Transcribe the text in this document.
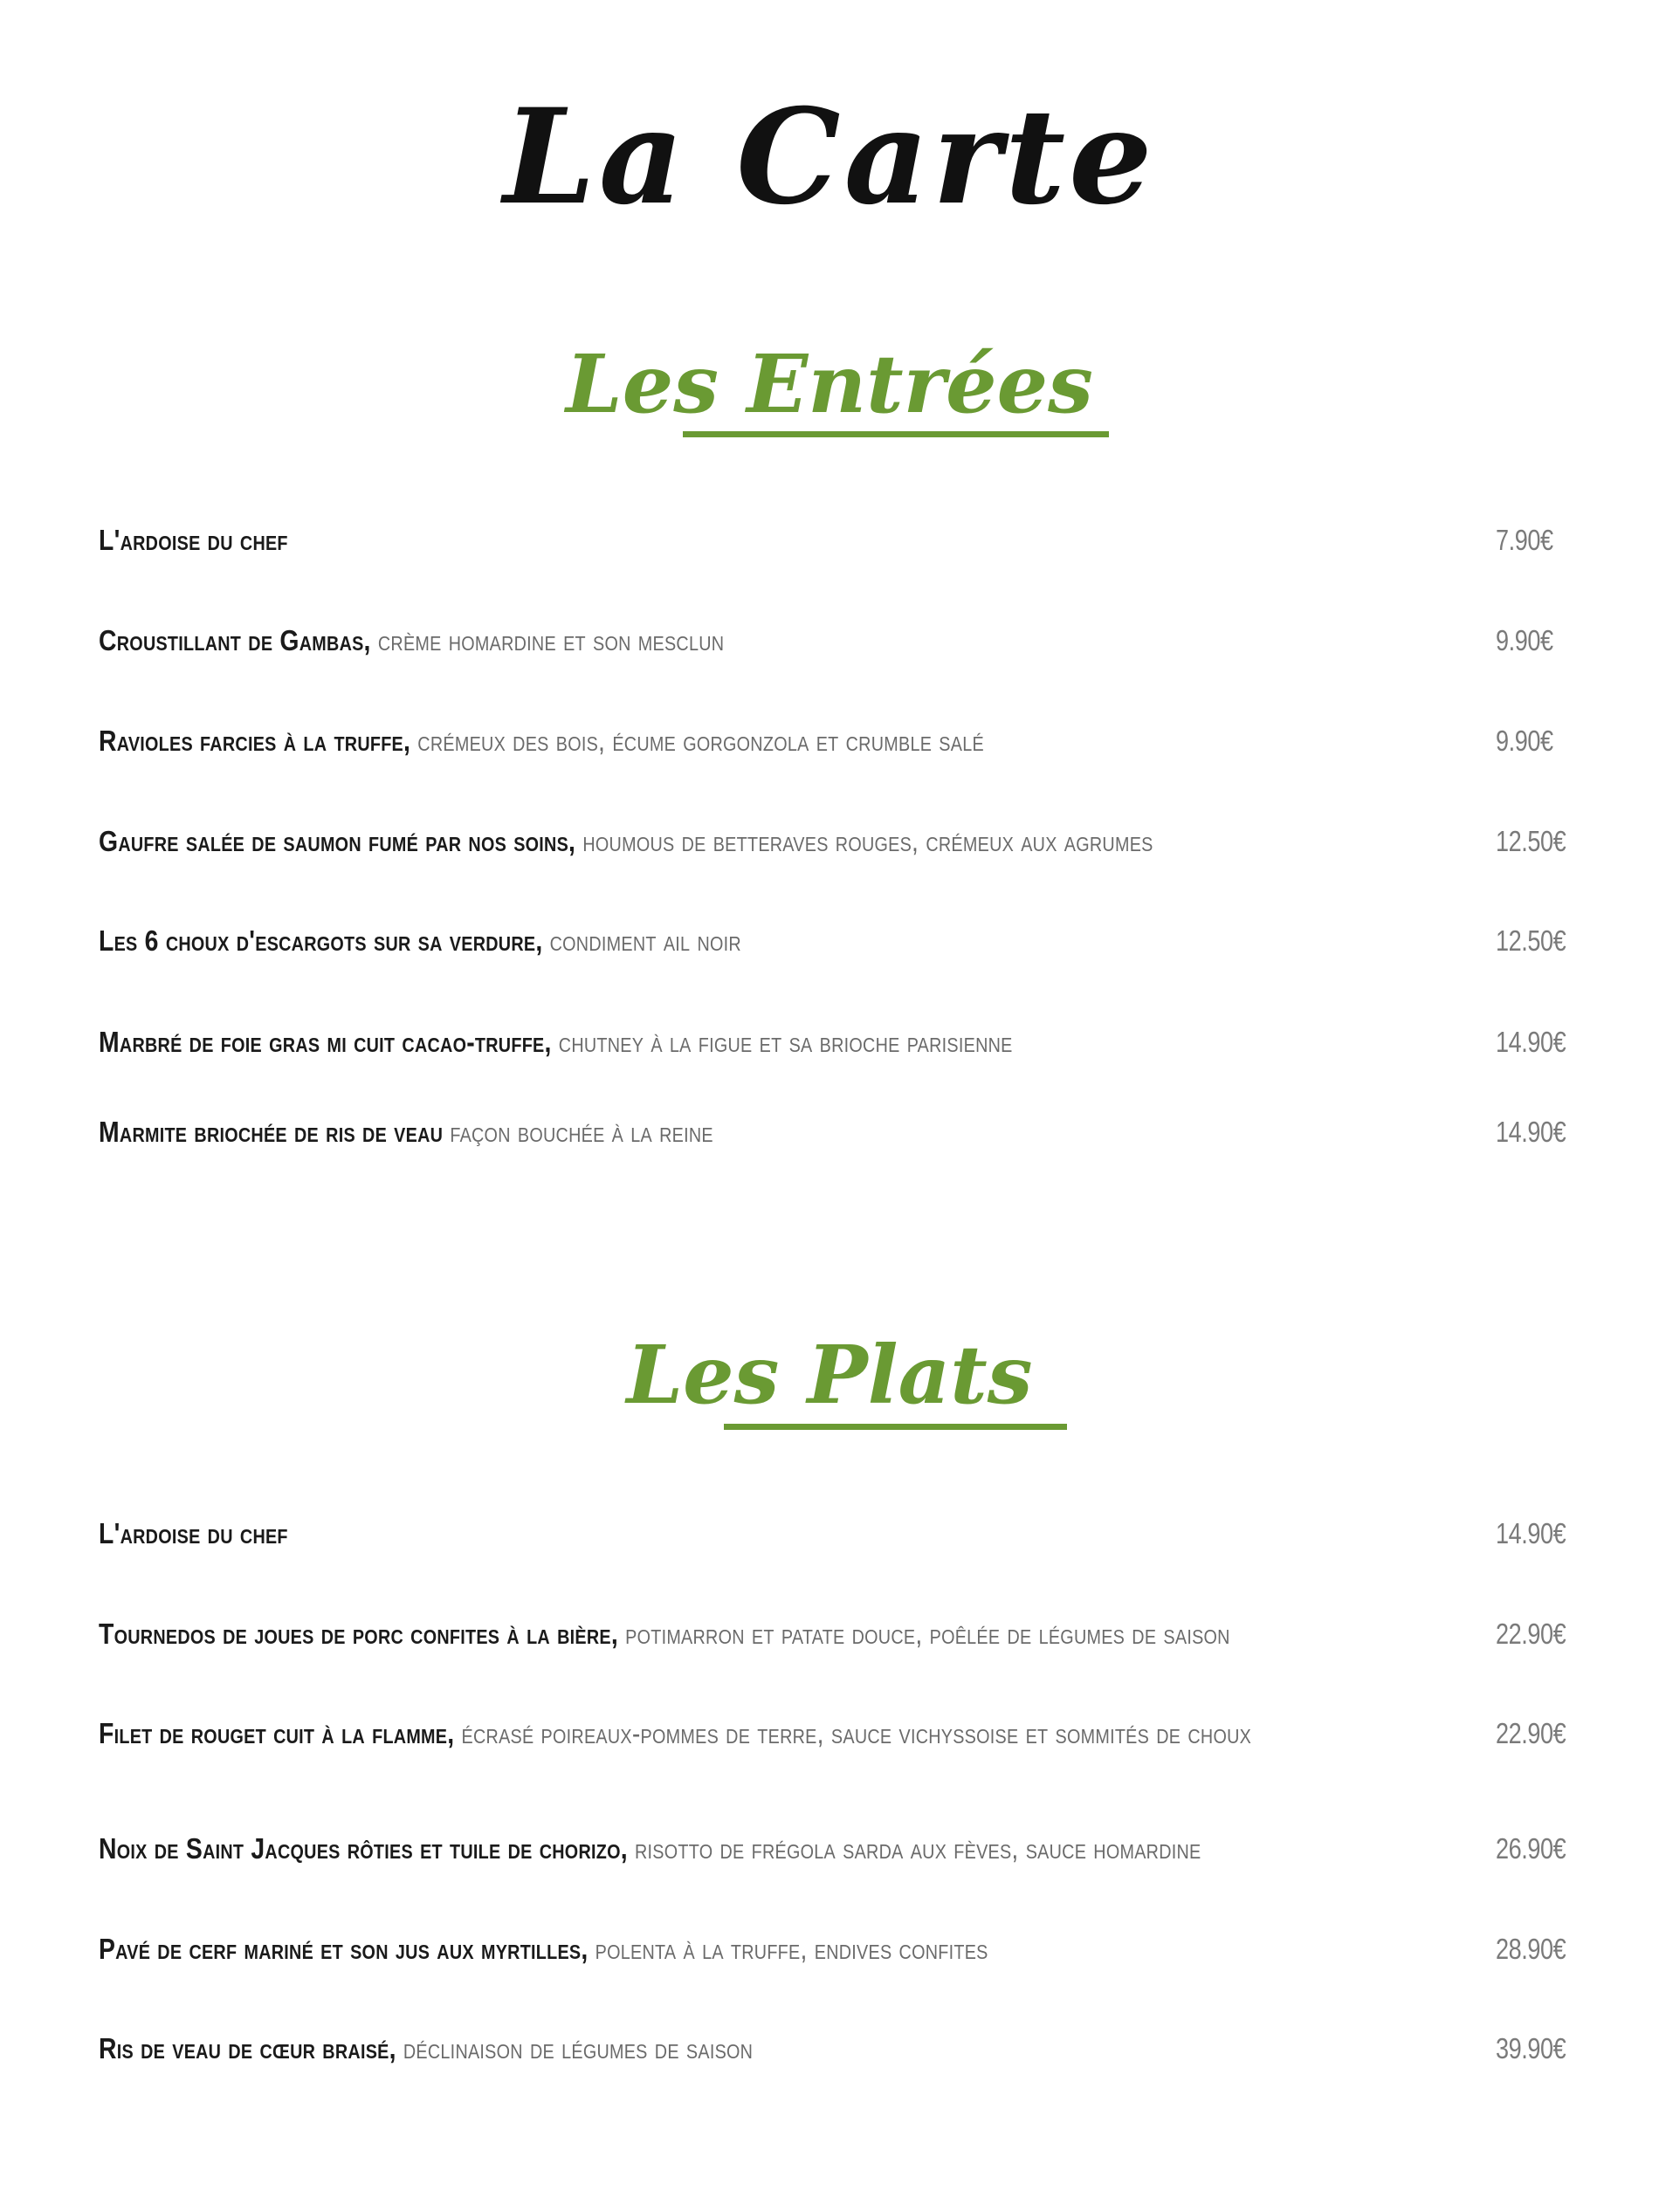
La Carte
Les Entrées
L'ardoise du chef	7.90€
Croustillant de Gambas, crème homardine et son mesclun	9.90€
Ravioles farcies à la truffe, crémeux des bois, écume gorgonzola et crumble salé	9.90€
Gaufre salée de saumon fumé par nos soins, houmous de betteraves rouges, crémeux aux agrumes	12.50€
Les 6 choux d'escargots sur sa verdure, condiment ail noir	12.50€
Marbré de foie gras mi cuit cacao-truffe, chutney à la figue et sa brioche parisienne	14.90€
Marmite briochée de ris de veau façon bouchée à la reine	14.90€
Les Plats
L'ardoise du chef	14.90€
Tournedos de joues de porc confites à la bière, potimarron et patate douce, poêlée de légumes de saison	22.90€
Filet de rouget cuit à la flamme, écrasé poireaux-pommes de terre, sauce vichyssoise et sommités de choux	22.90€
Noix de Saint Jacques rôties et tuile de chorizo, risotto de frégola sarda aux fèves, sauce homardine	26.90€
Pavé de cerf mariné et son jus aux myrtilles, polenta à la truffe, endives confites	28.90€
Ris de veau de cœur braisé, déclinaison de légumes de saison	39.90€
